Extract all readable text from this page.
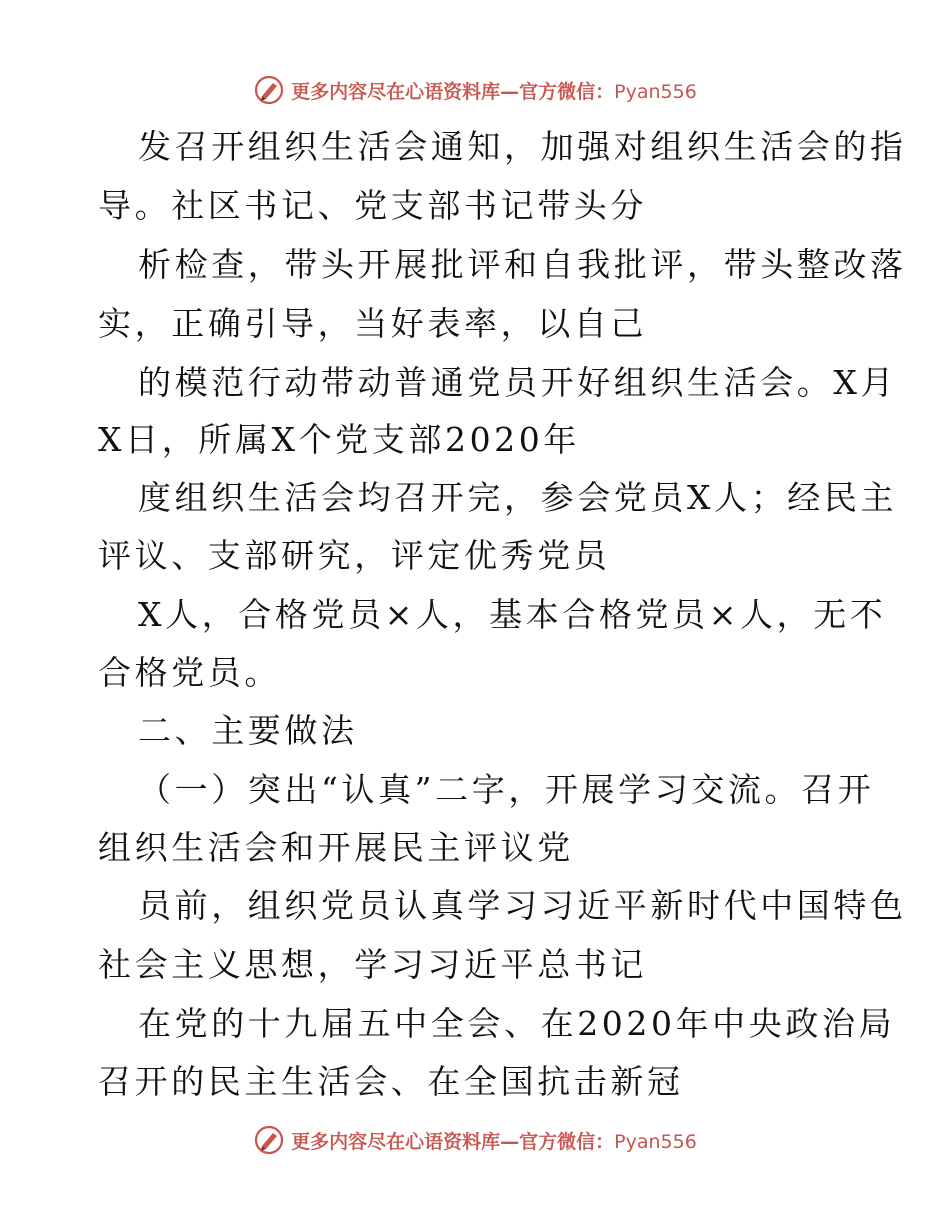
更多内容尽在心语资料库—官方微信：Pyan556
发召开组织生活会通知，加强对组织生活会的指
导。社区书记、党支部书记带头分
析检查，带头开展批评和自我批评，带头整改落
实，正确引导，当好表率，以自己
的模范行动带动普通党员开好组织生活会。X月
X日，所属X个党支部2020年
度组织生活会均召开完，参会党员X人；经民主
评议、支部研究，评定优秀党员
X人，合格党员×人，基本合格党员×人，无不
合格党员。
二、主要做法
（一）突出“认真”二字，开展学习交流。召开
组织生活会和开展民主评议党
员前，组织党员认真学习习近平新时代中国特色
社会主义思想，学习习近平总书记
在党的十九届五中全会、在2020年中央政治局
召开的民主生活会、在全国抗击新冠
更多内容尽在心语资料库—官方微信：Pyan556
